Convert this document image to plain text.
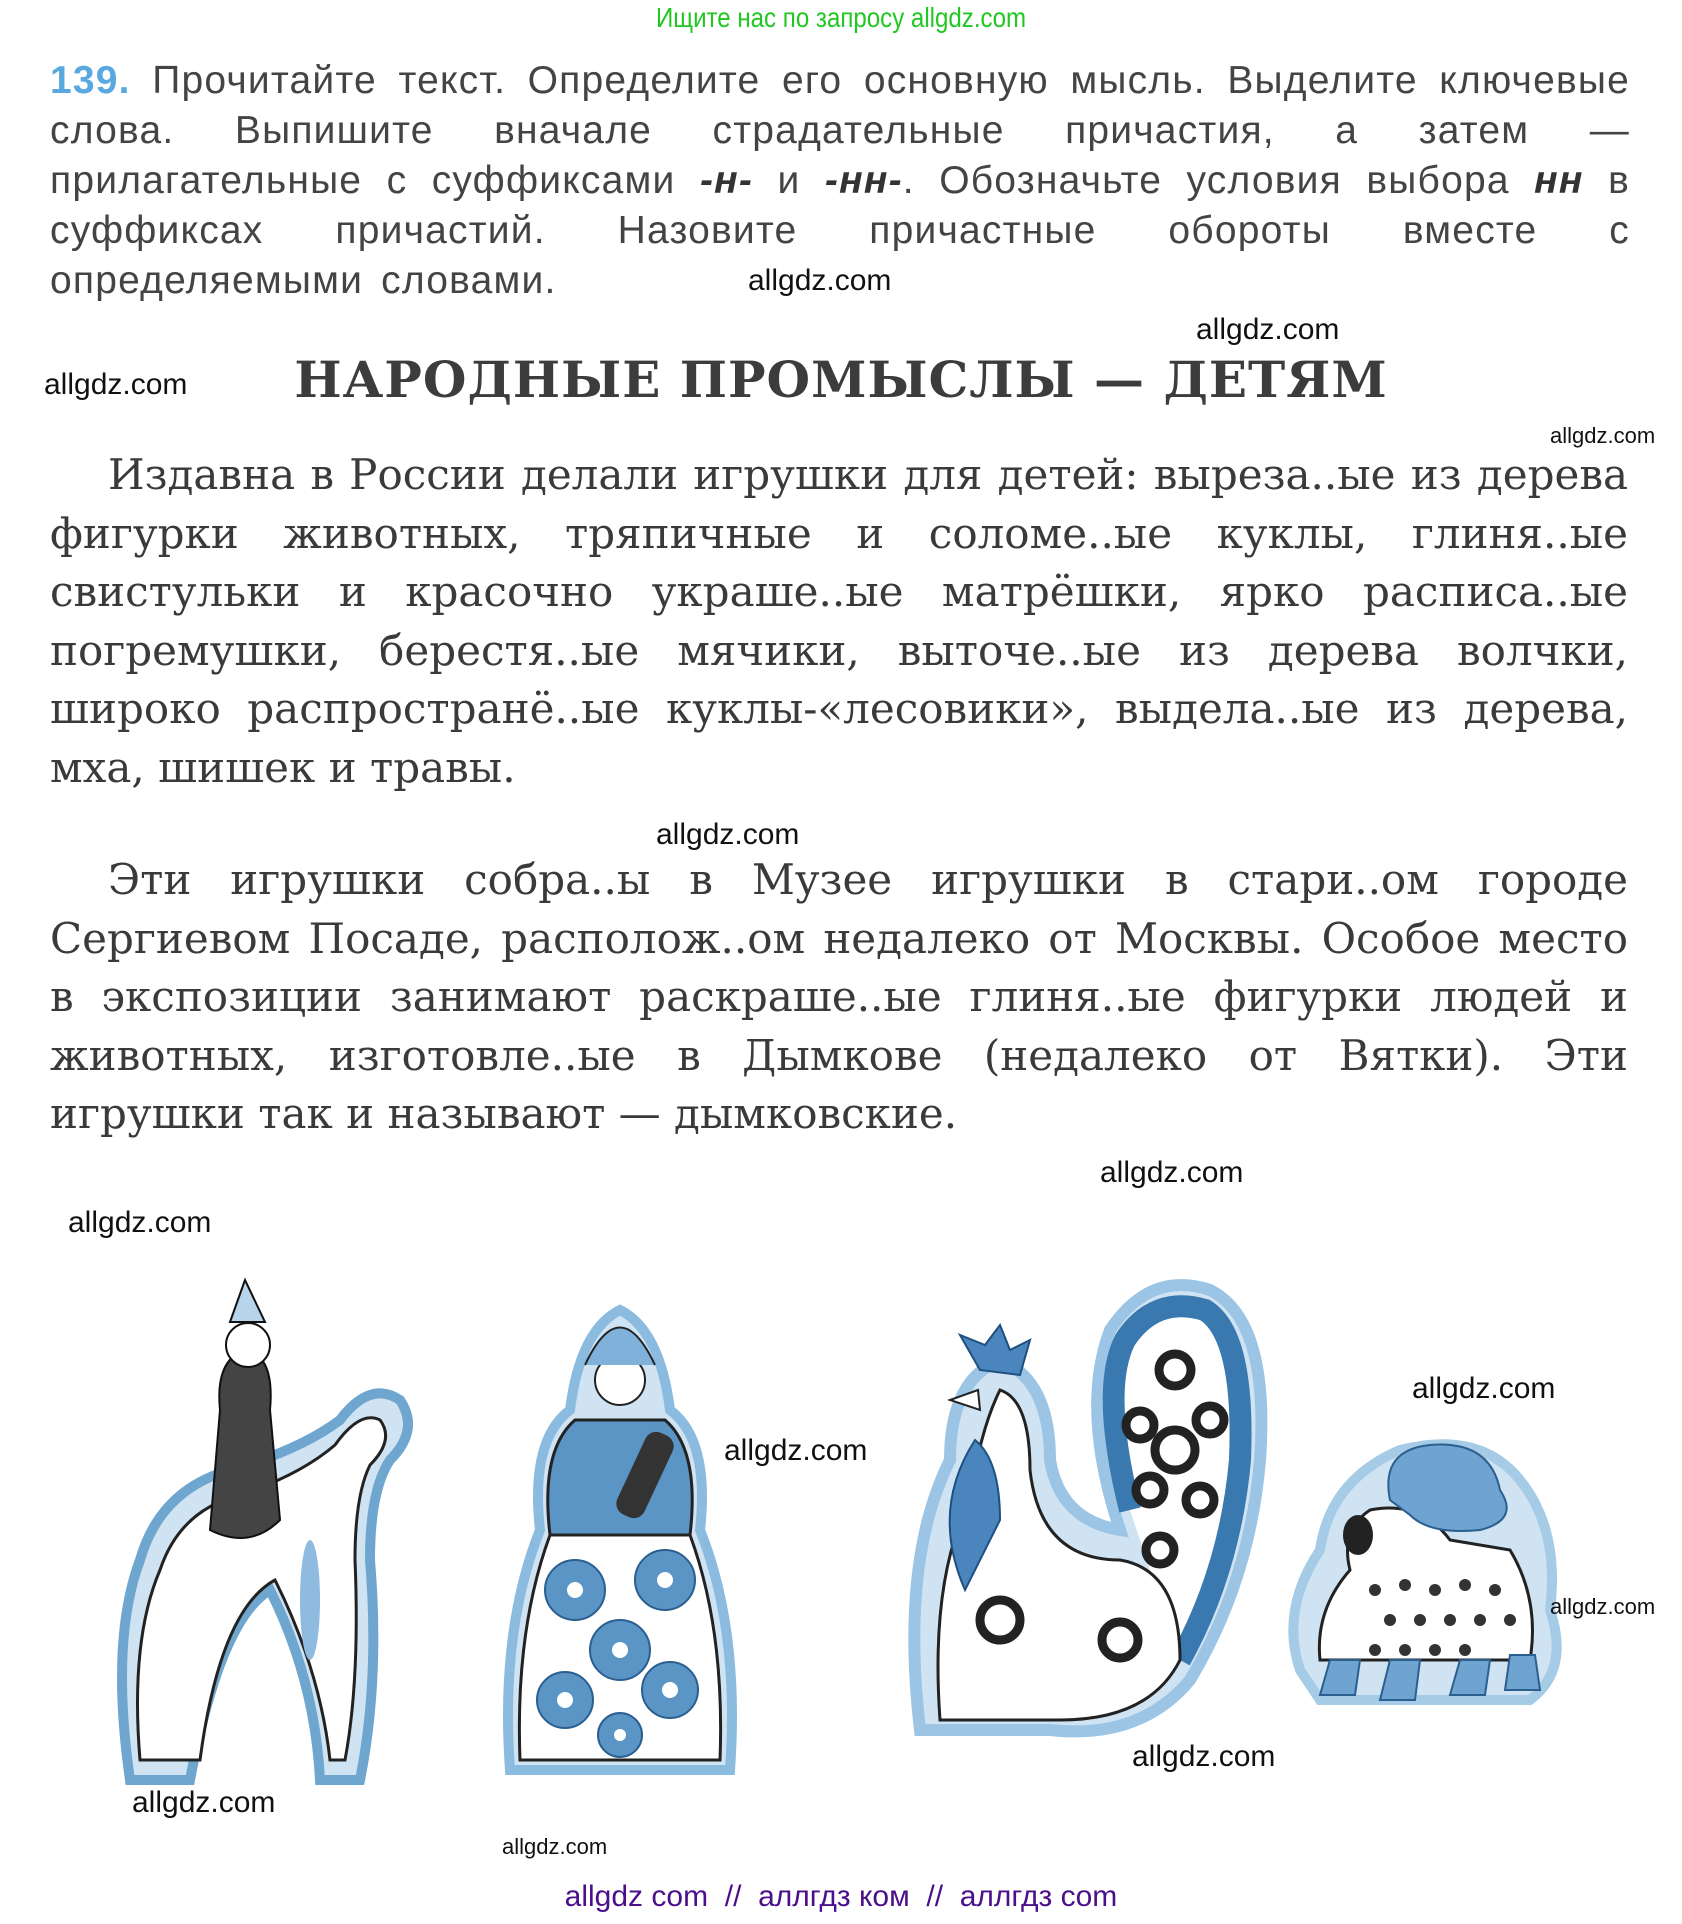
Ищите нас по запросу allgdz.com
139. Прочитайте текст. Определите его основную мысль. Выделите ключевые слова. Выпишите вначале страдательные причастия, а затем — прилагательные с суффиксами -н- и -нн-. Обозначьте условия выбора нн в суффиксах причастий. Назовите причастные обороты вместе с определяемыми словами.
НАРОДНЫЕ ПРОМЫСЛЫ — ДЕТЯМ

Издавна в России делали игрушки для детей: выреза..ые из дерева фигурки животных, тряпичные и соломе..ые куклы, глиня..ые свистульки и красочно украше..ые матрёшки, ярко расписа..ые погремушки, берестя..ые мячики, выточе..ые из дерева волчки, широко распространё..ые куклы-«лесовики», выдела..ые из дерева, мха, шишек и травы.

Эти игрушки собра..ы в Музее игрушки в стари..ом городе Сергиевом Посаде, располож..ом недалеко от Москвы. Особое место в экспозиции занимают раскраше..ые глиня..ые фигурки людей и животных, изготовле..ые в Дымкове (недалеко от Вятки). Эти игрушки так и называют — дымковские.

allgdz.com
allgdz.com
allgdz.com
allgdz.com
allgdz.com
allgdz.com
allgdz.com
allgdz.com
allgdz.com
allgdz.com
allgdz.com
allgdz.com
allgdz.com
allgdz com  //  аллгдз ком  //  аллгдз com
